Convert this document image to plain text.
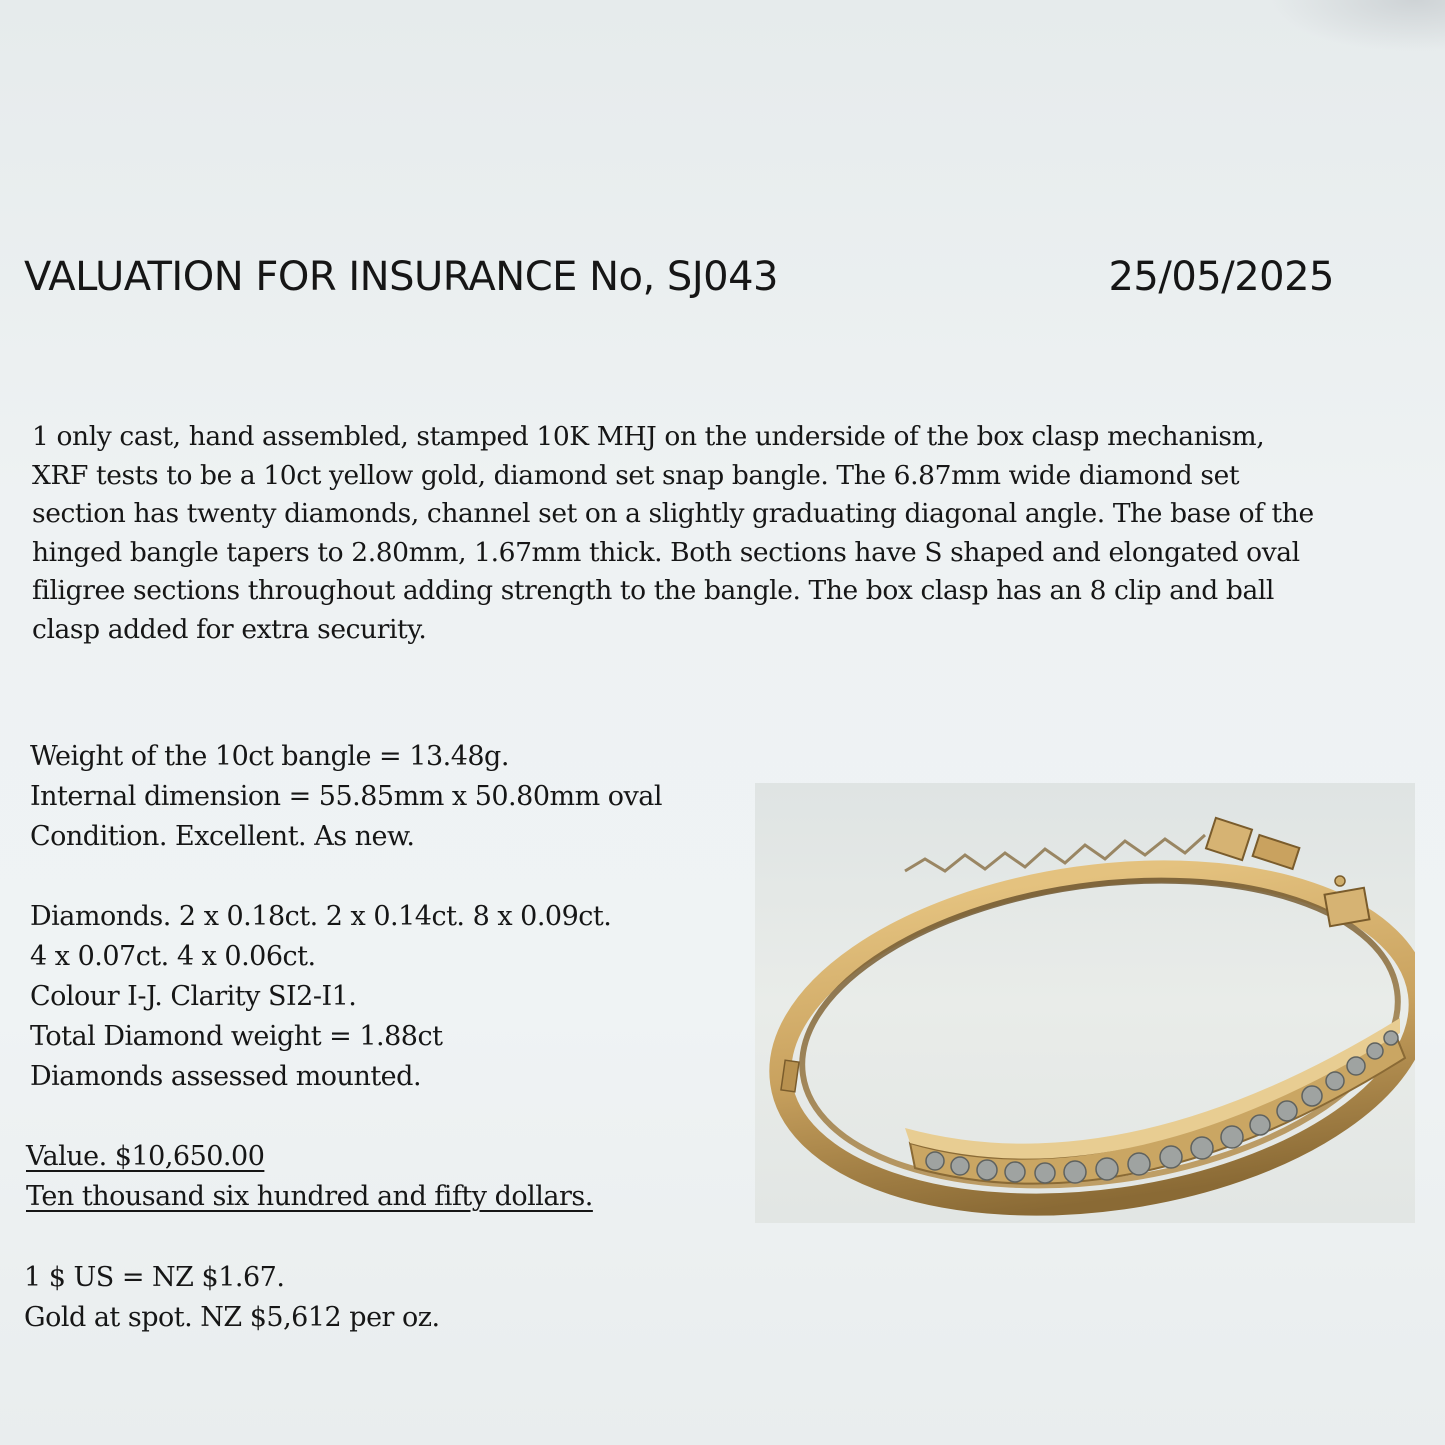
VALUATION FOR INSURANCE No, SJ043	25/05/2025

1 only cast, hand assembled, stamped 10K MHJ on the underside of the box clasp mechanism,

XRF tests to be a 10ct yellow gold, diamond set snap bangle. The 6.87mm wide diamond set

section has twenty diamonds, channel set on a slightly graduating diagonal angle. The base of the

hinged bangle tapers to 2.80mm, 1.67mm thick. Both sections have S shaped and elongated oval

filigree sections throughout adding strength to the bangle. The box clasp has an 8 clip and ball

clasp added for extra security.

Weight of the 10ct bangle = 13.48g.

Internal dimension = 55.85mm x 50.80mm oval

Condition. Excellent. As new.

Diamonds. 2 x 0.18ct. 2 x 0.14ct. 8 x 0.09ct.

4 x 0.07ct. 4 x 0.06ct.

Colour I-J. Clarity SI2-I1.

Total Diamond weight = 1.88ct

Diamonds assessed mounted.

Value. $10,650.00

Ten thousand six hundred and fifty dollars.

1 $ US = NZ $1.67.

Gold at spot. NZ $5,612 per oz.
